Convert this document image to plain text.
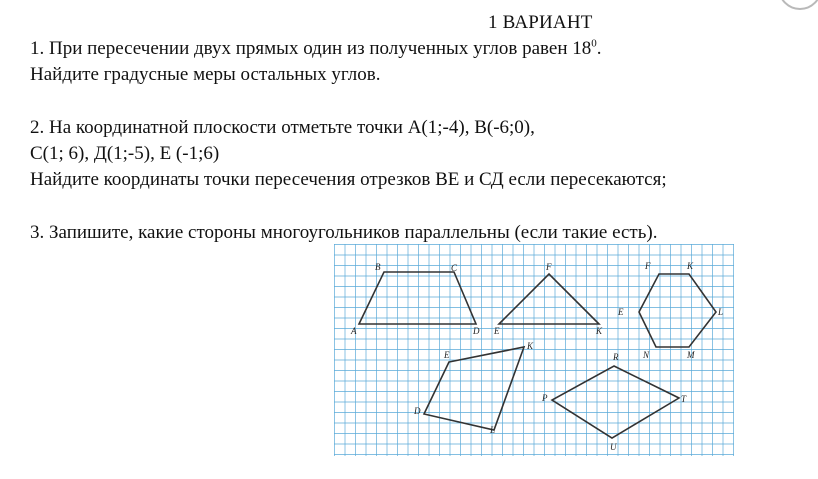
1 ВАРИАНТ
1. При пересечении двух прямых один из полученных углов равен $18^0$.
Найдите градусные меры остальных углов.
2. На координатной плоскости отметьте точки А(1;-4), В(-6;0),
С(1; 6), Д(1;-5), Е (-1;6)
Найдите координаты точки пересечения отрезков ВЕ и СД если пересекаются;
3. Запишите, какие стороны многоугольников параллельны (если такие есть).
B	C
A	D
F
E	K
F	K
E	L
N	M
E
K
D
L
R
P	T
U
